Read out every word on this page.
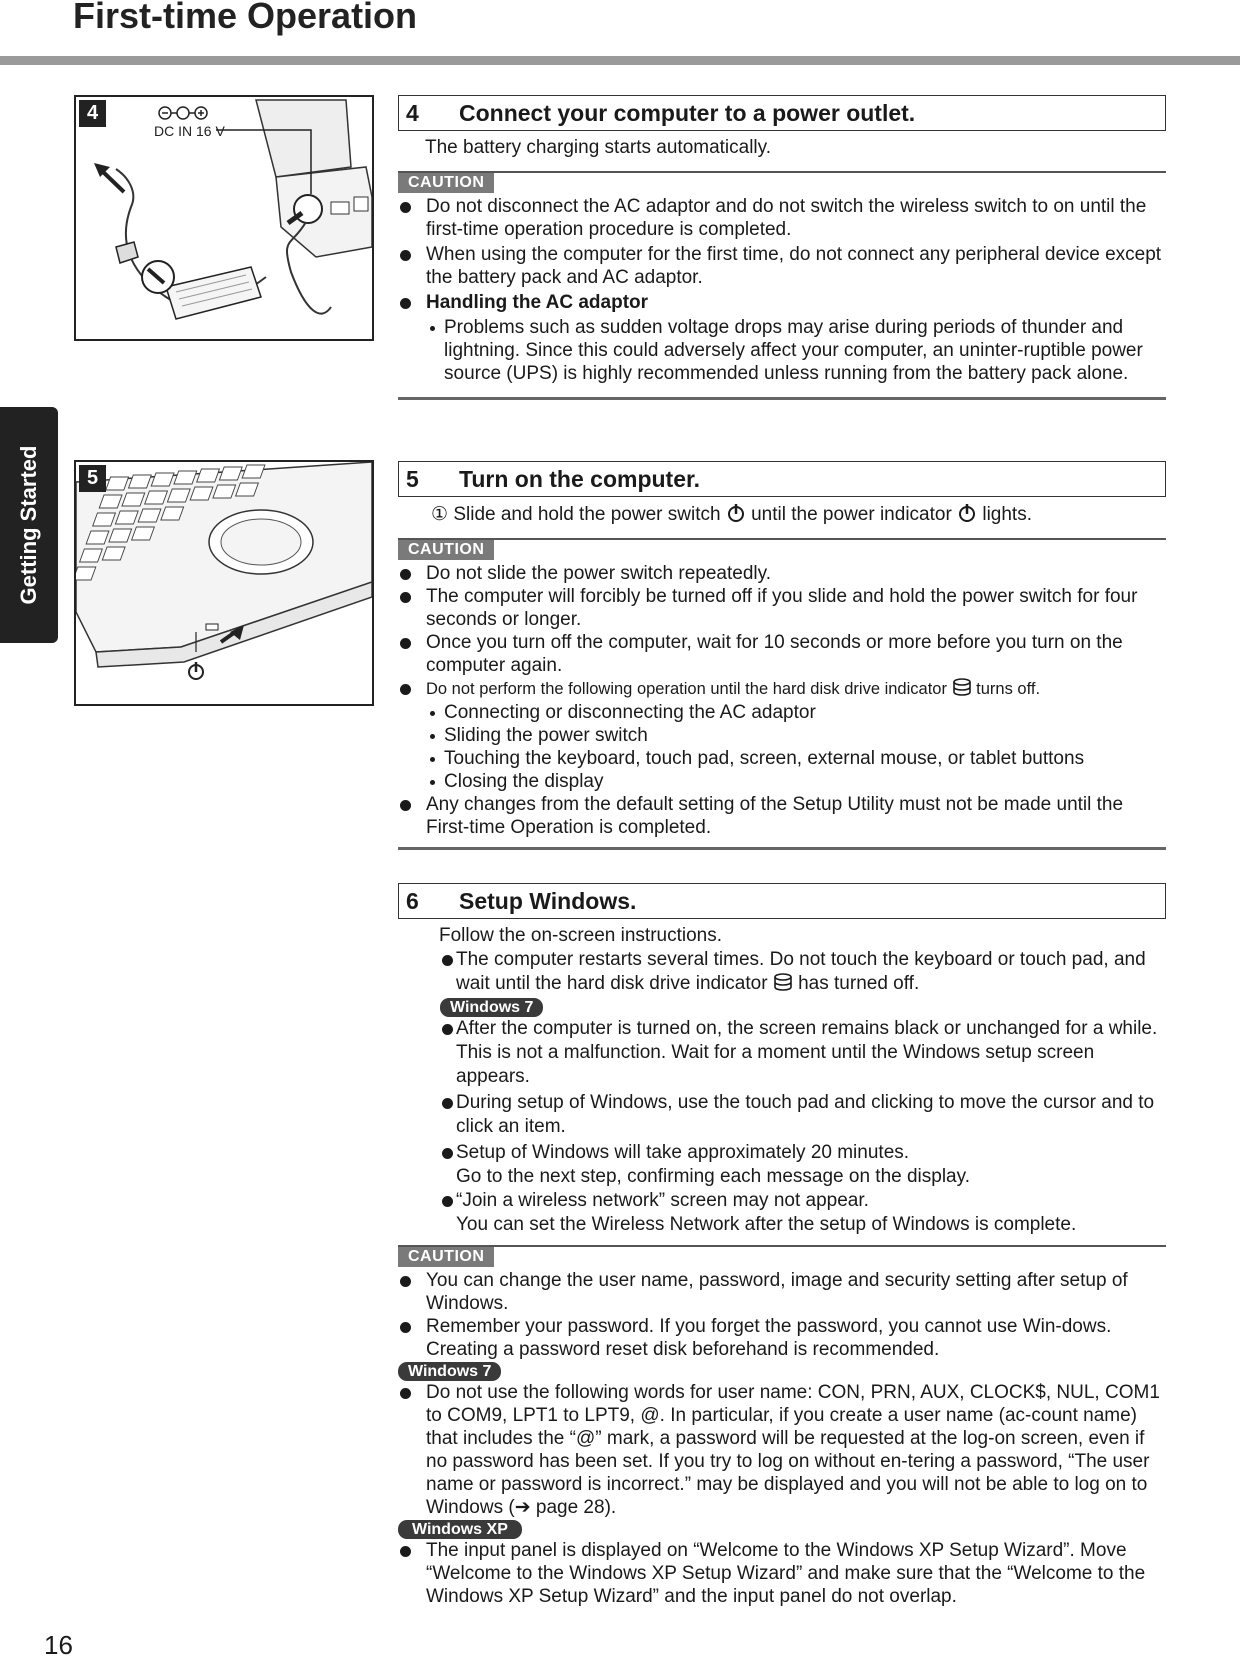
First-time Operation
Getting Started
16
DC IN 16 V
4
5
4 Connect your computer to a power outlet.
The battery charging starts automatically.
CAUTION
Do not disconnect the AC adaptor and do not switch the wireless switch to on until the first-time operation procedure is completed.
When using the computer for the first time, do not connect any peripheral device except the battery pack and AC adaptor.
Handling the AC adaptor
Problems such as sudden voltage drops may arise during periods of thunder and lightning. Since this could adversely affect your computer, an uninter-ruptible power source (UPS) is highly recommended unless running from the battery pack alone.
5 Turn on the computer.
① Slide and hold the power switch until the power indicator lights.
CAUTION
Do not slide the power switch repeatedly.
The computer will forcibly be turned off if you slide and hold the power switch for four seconds or longer.
Once you turn off the computer, wait for 10 seconds or more before you turn on the computer again.
Do not perform the following operation until the hard disk drive indicator turns off.
Connecting or disconnecting the AC adaptor
Sliding the power switch
Touching the keyboard, touch pad, screen, external mouse, or tablet buttons
Closing the display
Any changes from the default setting of the Setup Utility must not be made until the First-time Operation is completed.
6 Setup Windows.
Follow the on-screen instructions.
The computer restarts several times. Do not touch the keyboard or touch pad, and wait until the hard disk drive indicator has turned off.
Windows 7
After the computer is turned on, the screen remains black or unchanged for a while. This is not a malfunction. Wait for a moment until the Windows setup screen appears.
During setup of Windows, use the touch pad and clicking to move the cursor and to click an item.
Setup of Windows will take approximately 20 minutes.
Go to the next step, confirming each message on the display.
“Join a wireless network” screen may not appear.
You can set the Wireless Network after the setup of Windows is complete.
CAUTION
You can change the user name, password, image and security setting after setup of Windows.
Remember your password. If you forget the password, you cannot use Win-dows. Creating a password reset disk beforehand is recommended.
Windows 7
Do not use the following words for user name: CON, PRN, AUX, CLOCK$, NUL, COM1 to COM9, LPT1 to LPT9, @. In particular, if you create a user name (ac-count name) that includes the “@” mark, a password will be requested at the log-on screen, even if no password has been set. If you try to log on without en-tering a password, “The user name or password is incorrect.” may be displayed and you will not be able to log on to Windows (➔ page 28).
Windows XP
The input panel is displayed on “Welcome to the Windows XP Setup Wizard”. Move “Welcome to the Windows XP Setup Wizard” and make sure that the “Welcome to the Windows XP Setup Wizard” and the input panel do not overlap.
